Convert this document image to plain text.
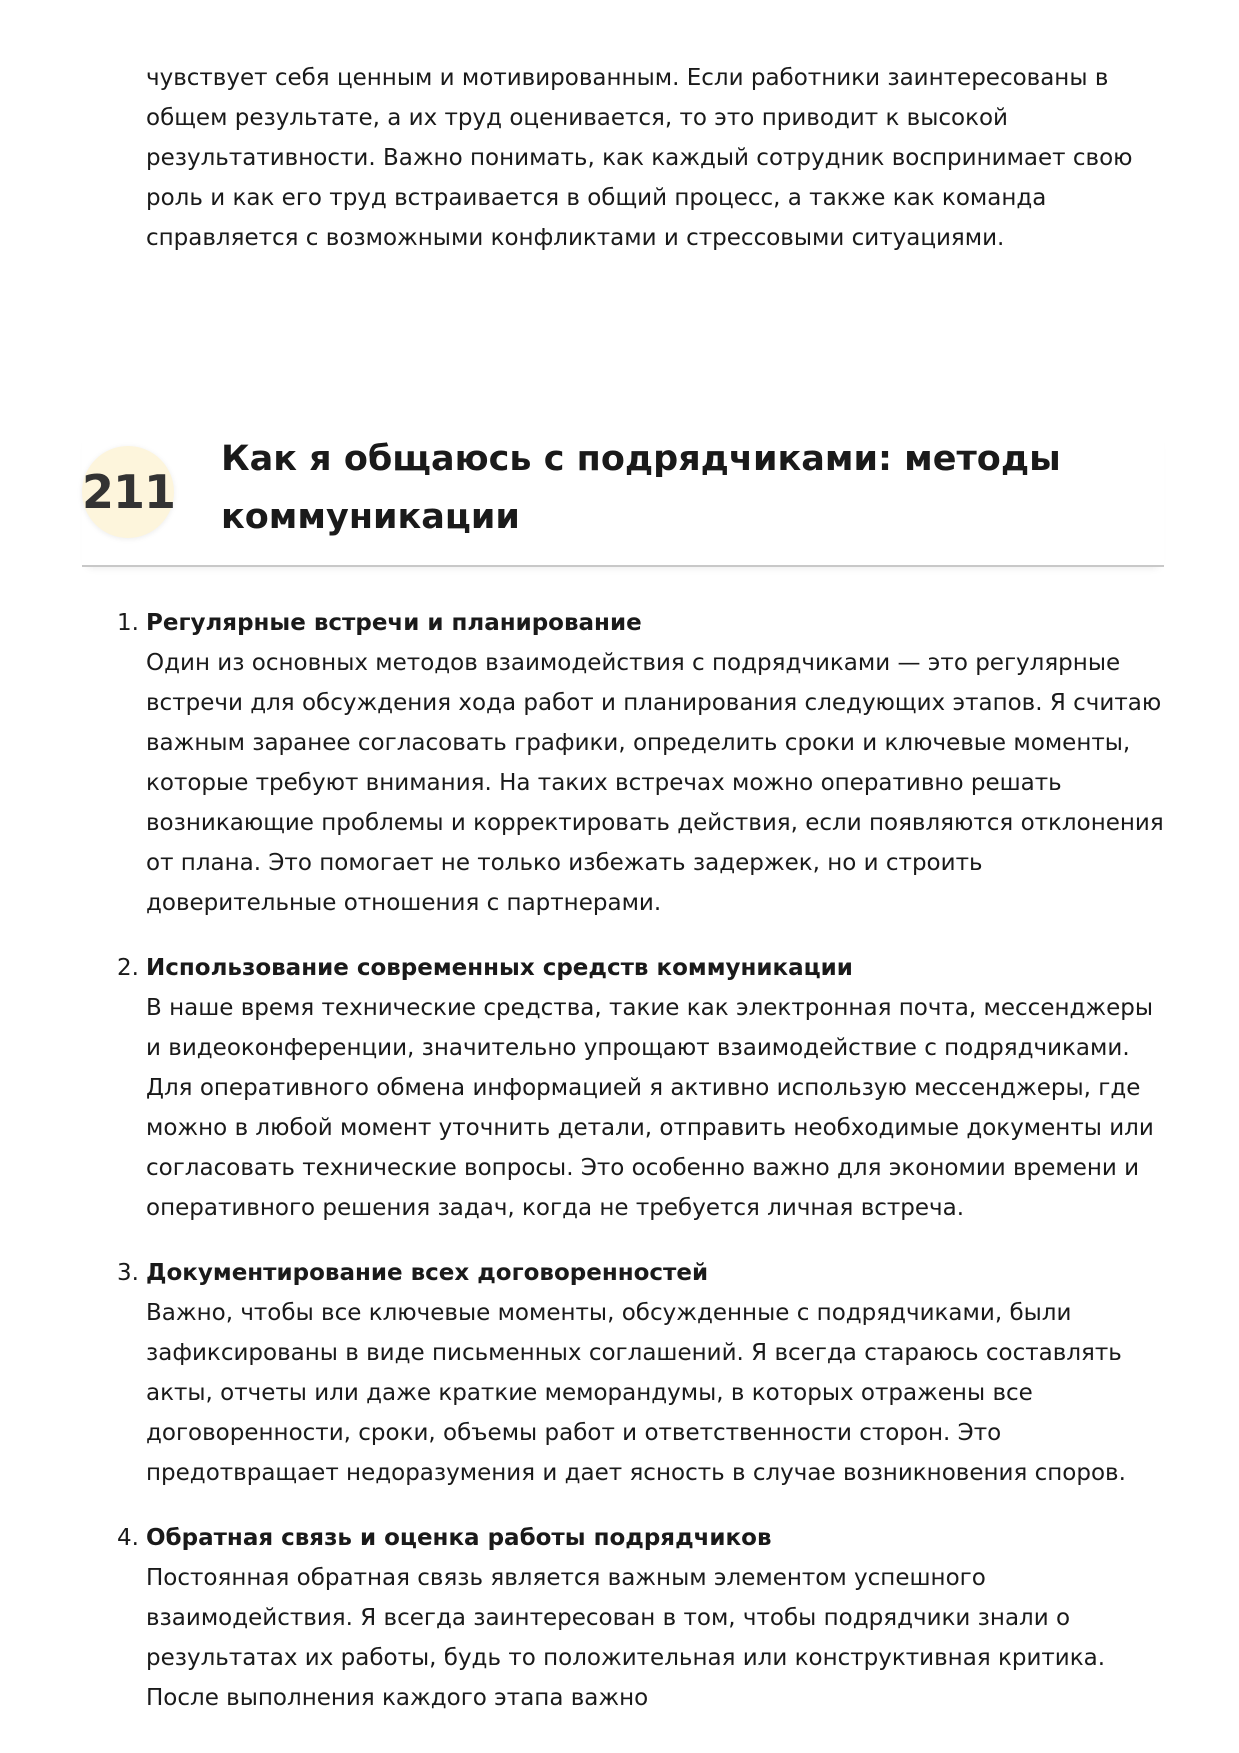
чувствует себя ценным и мотивированным. Если работники заинтересованы в общем результате, а их труд оценивается, то это приводит к высокой результативности. Важно понимать, как каждый сотрудник воспринимает свою роль и как его труд встраивается в общий процесс, а также как команда справляется с возможными конфликтами и стрессовыми ситуациями.

211
Как я общаюсь с подрядчиками: методы коммуникации
1. Регулярные встречи и планирование

Один из основных методов взаимодействия с подрядчиками — это регулярные встречи для обсуждения хода работ и планирования следующих этапов. Я считаю важным заранее согласовать графики, определить сроки и ключевые моменты, которые требуют внимания. На таких встречах можно оперативно решать возникающие проблемы и корректировать действия, если появляются отклонения от плана. Это помогает не только избежать задержек, но и строить доверительные отношения с партнерами.

2. Использование современных средств коммуникации

В наше время технические средства, такие как электронная почта, мессенджеры и видеоконференции, значительно упрощают взаимодействие с подрядчиками. Для оперативного обмена информацией я активно использую мессенджеры, где можно в любой момент уточнить детали, отправить необходимые документы или согласовать технические вопросы. Это особенно важно для экономии времени и оперативного решения задач, когда не требуется личная встреча.

3. Документирование всех договоренностей

Важно, чтобы все ключевые моменты, обсужденные с подрядчиками, были зафиксированы в виде письменных соглашений. Я всегда стараюсь составлять акты, отчеты или даже краткие меморандумы, в которых отражены все договоренности, сроки, объемы работ и ответственности сторон. Это предотвращает недоразумения и дает ясность в случае возникновения споров.

4. Обратная связь и оценка работы подрядчиков

Постоянная обратная связь является важным элементом успешного взаимодействия. Я всегда заинтересован в том, чтобы подрядчики знали о результатах их работы, будь то положительная или конструктивная критика. После выполнения каждого этапа важно
